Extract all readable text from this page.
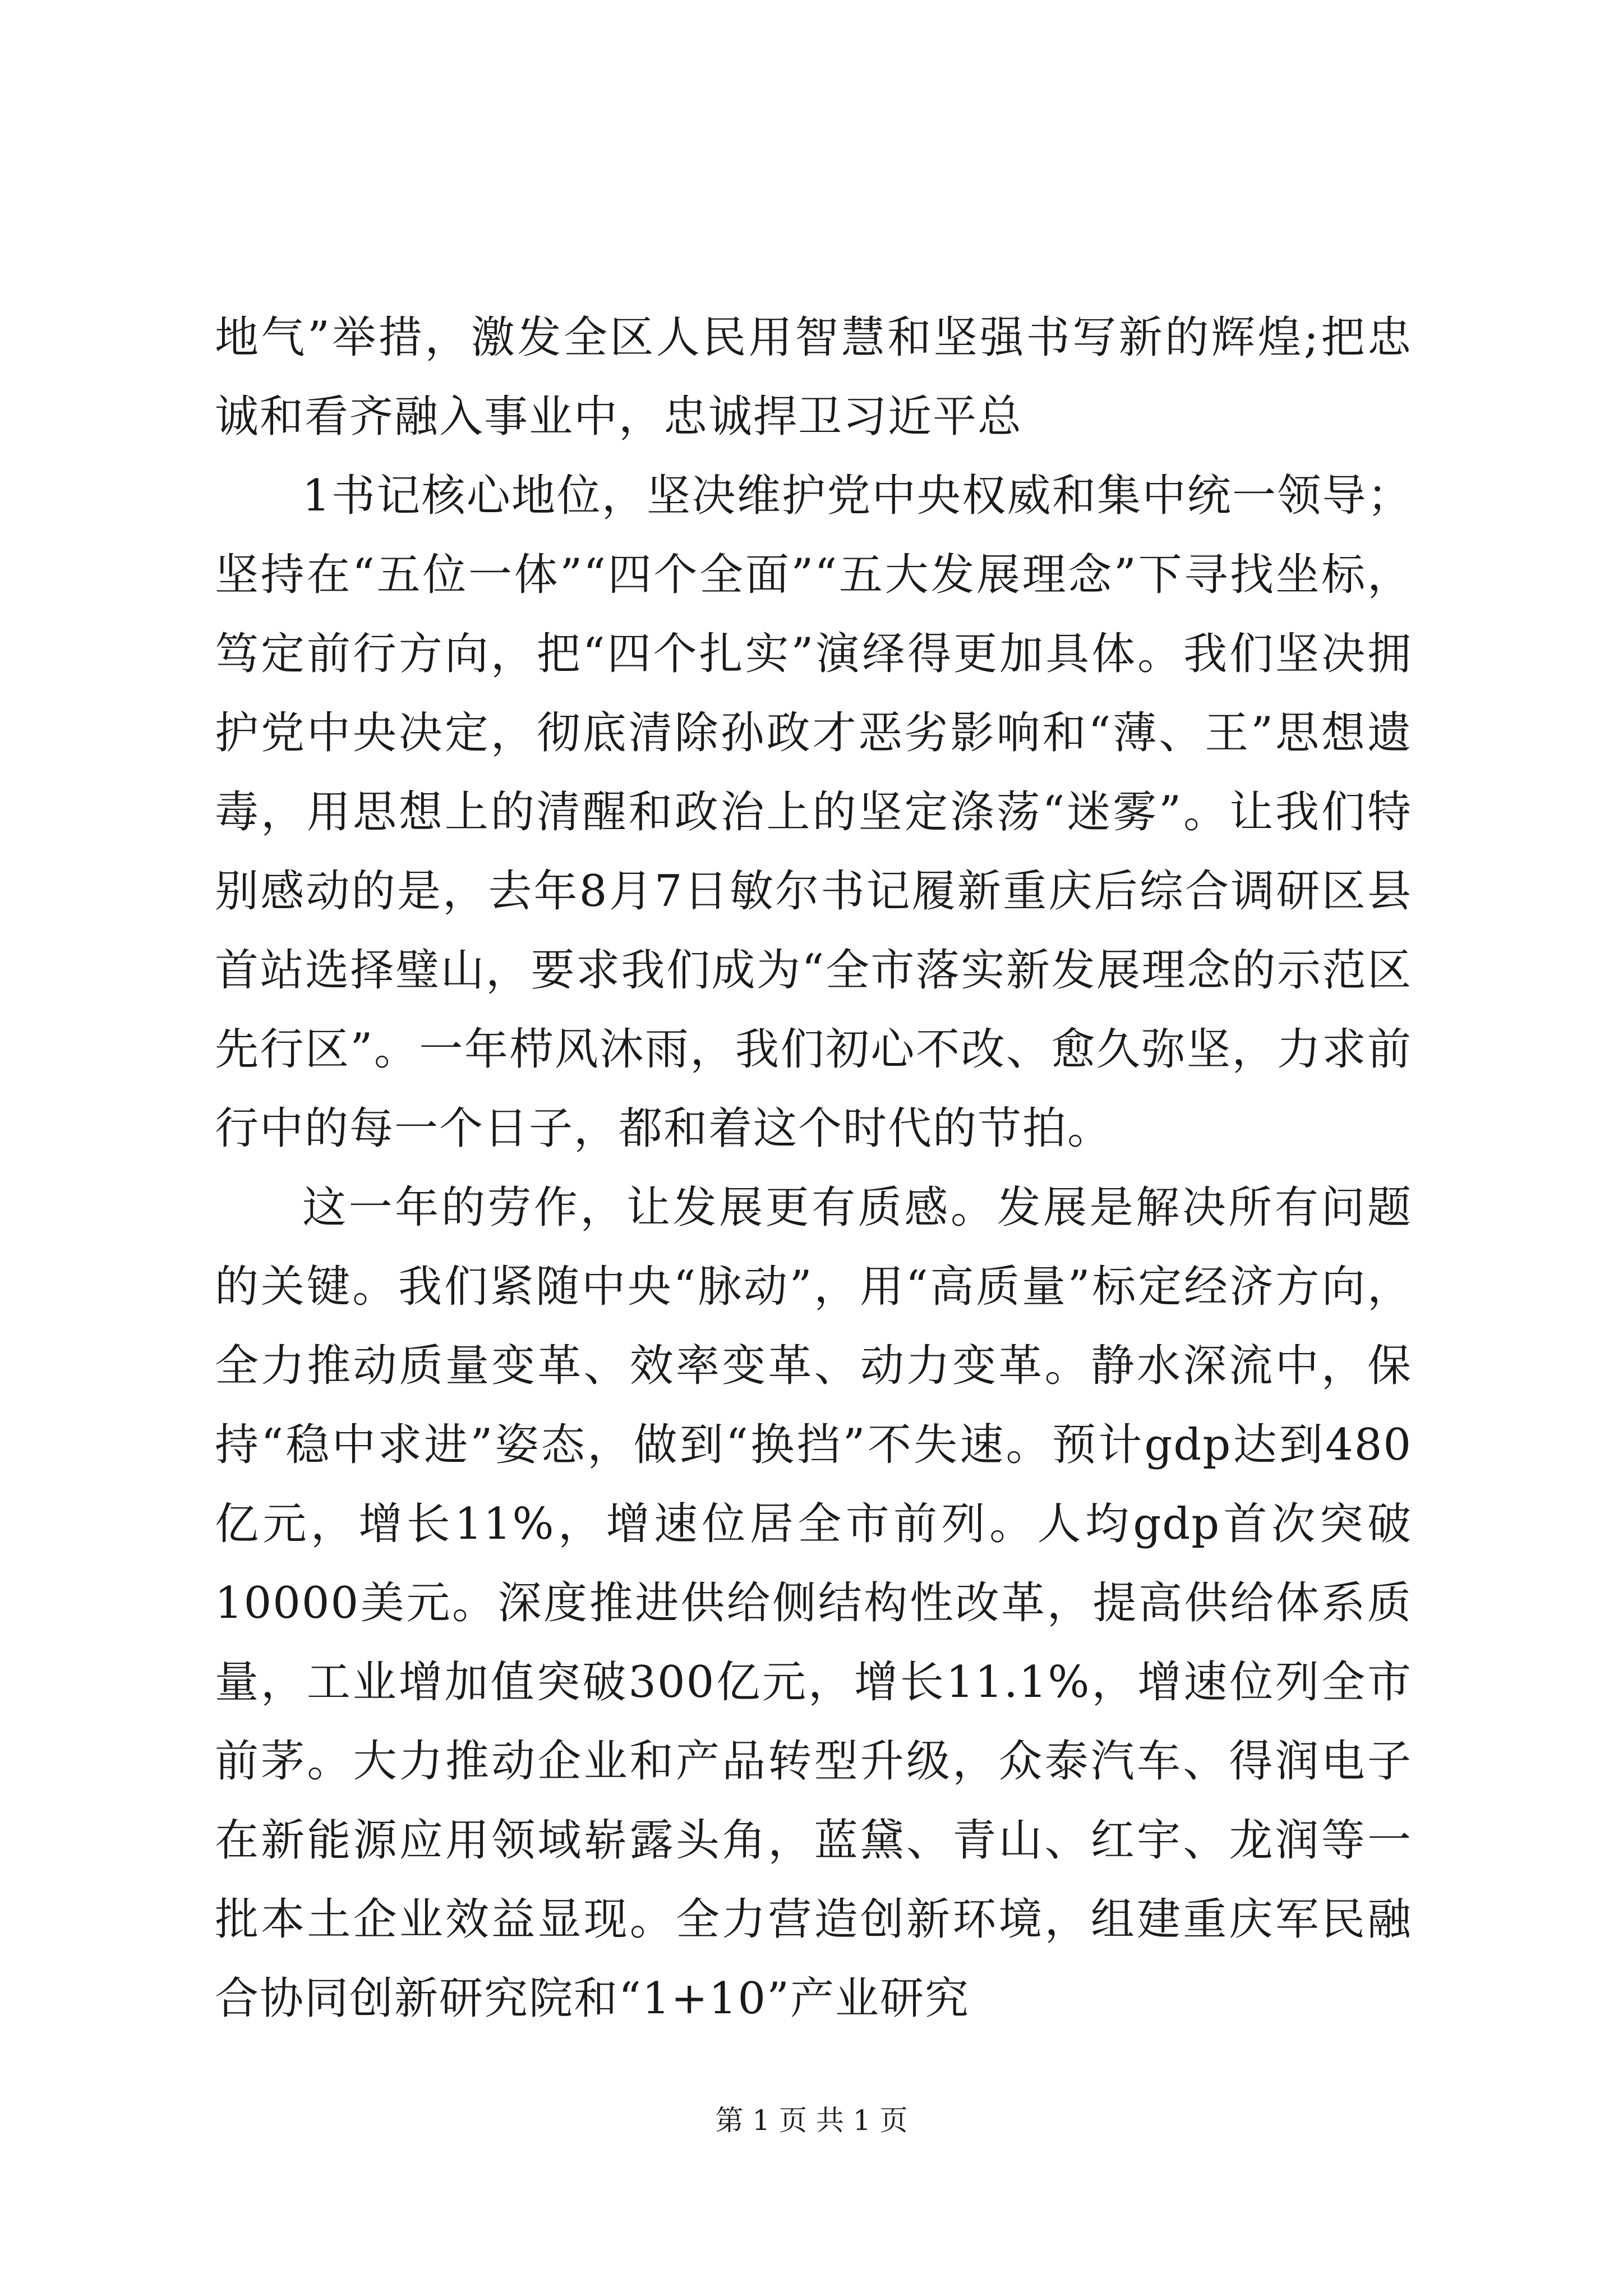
地气”举措，激发全区人民用智慧和坚强书写新的辉煌;把忠诚和看齐融入事业中，忠诚捍卫习近平总

1书记核心地位，坚决维护党中央权威和集中统一领导；坚持在“五位一体”“四个全面”“五大发展理念”下寻找坐标，笃定前行方向，把“四个扎实”演绎得更加具体。我们坚决拥护党中央决定，彻底清除孙政才恶劣影响和“薄、王”思想遗毒，用思想上的清醒和政治上的坚定涤荡“迷雾”。让我们特别感动的是，去年8月7日敏尔书记履新重庆后综合调研区县首站选择璧山，要求我们成为“全市落实新发展理念的示范区先行区”。一年栉风沐雨，我们初心不改、愈久弥坚，力求前行中的每一个日子，都和着这个时代的节拍。

这一年的劳作，让发展更有质感。发展是解决所有问题的关键。我们紧随中央“脉动”，用“高质量”标定经济方向，全力推动质量变革、效率变革、动力变革。静水深流中，保持“稳中求进”姿态，做到“换挡”不失速。预计gdp达到480亿元，增长11%，增速位居全市前列。人均gdp首次突破10000美元。深度推进供给侧结构性改革，提高供给体系质量，工业增加值突破300亿元，增长11.1%，增速位列全市前茅。大力推动企业和产品转型升级，众泰汽车、得润电子在新能源应用领域崭露头角，蓝黛、青山、红宇、龙润等一批本土企业效益显现。全力营造创新环境，组建重庆军民融合协同创新研究院和“1+10”产业研究

第 1 页 共 1 页
